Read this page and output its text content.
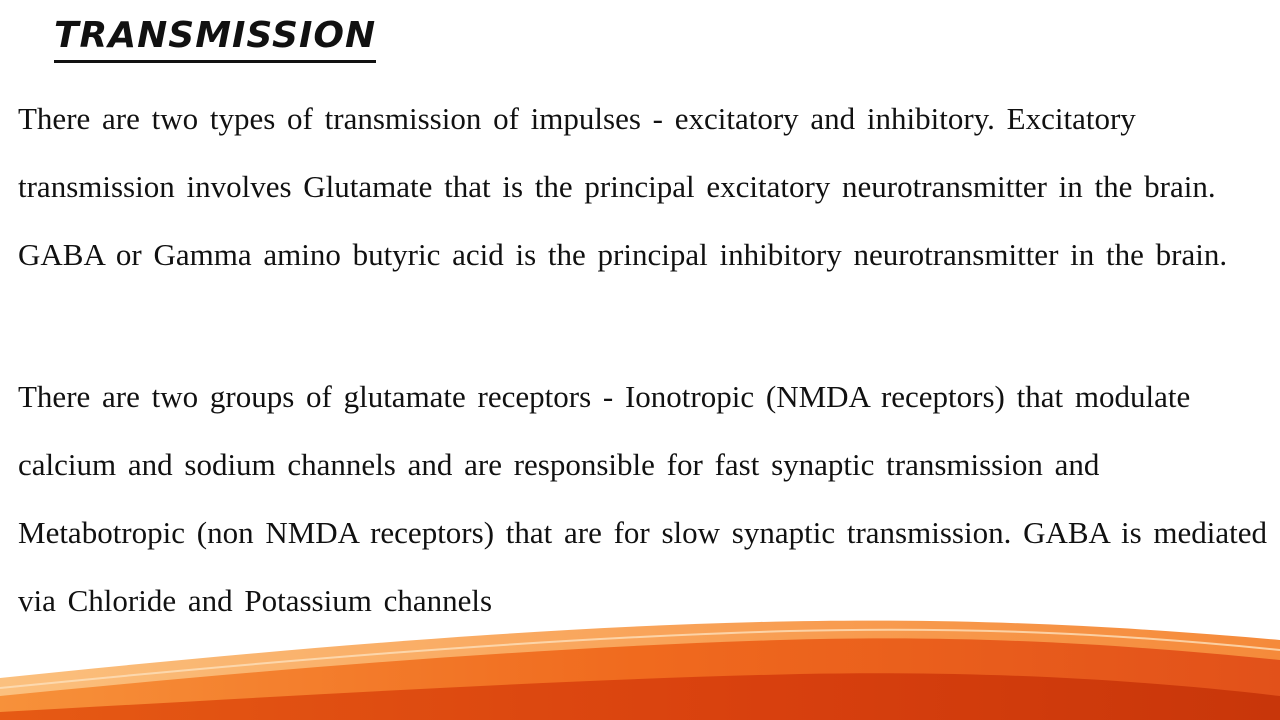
TRANSMISSION

There are two types of transmission of impulses - excitatory and inhibitory. Excitatory transmission involves Glutamate that is the principal excitatory neurotransmitter in the brain. GABA or Gamma amino butyric acid is the principal inhibitory neurotransmitter in the brain.

There are two groups of glutamate receptors - Ionotropic (NMDA receptors) that modulate calcium and sodium channels and are responsible for fast synaptic transmission and Metabotropic (non NMDA receptors) that are for slow synaptic transmission. GABA is mediated via Chloride and Potassium channels
